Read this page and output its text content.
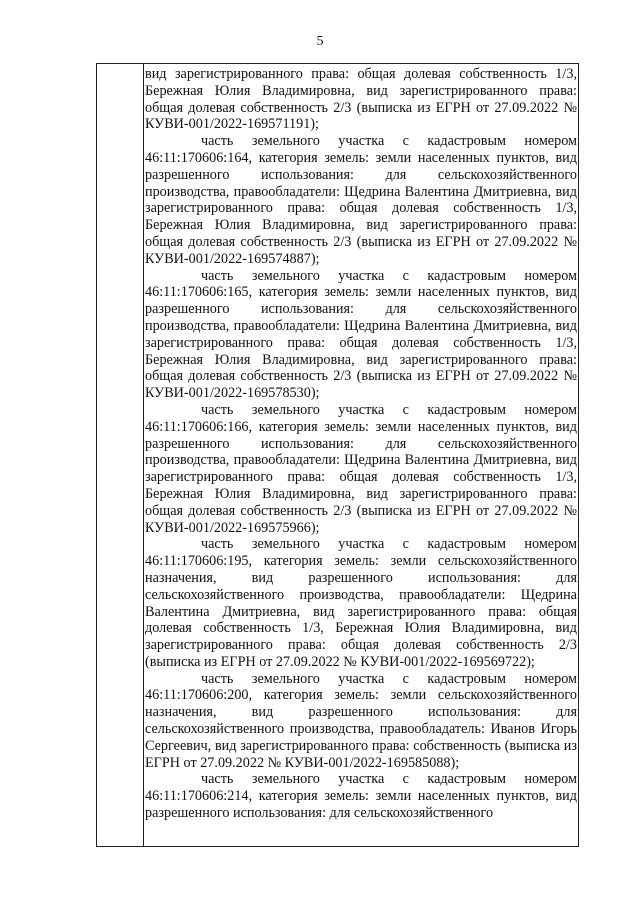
5

вид зарегистрированного права: общая долевая собственность 1/3, Бережная Юлия Владимировна, вид зарегистрированного права: общая долевая собственность 2/3 (выписка из ЕГРН от 27.09.2022 № КУВИ-001/2022-169571191);

часть земельного участка с кадастровым номером 46:11:170606:164, категория земель: земли населенных пунктов, вид разрешенного использования: для сельскохозяйственного производства, правообладатели: Щедрина Валентина Дмитриевна, вид зарегистрированного права: общая долевая собственность 1/3, Бережная Юлия Владимировна, вид зарегистрированного права: общая долевая собственность 2/3 (выписка из ЕГРН от 27.09.2022 № КУВИ-001/2022-169574887);

часть земельного участка с кадастровым номером 46:11:170606:165, категория земель: земли населенных пунктов, вид разрешенного использования: для сельскохозяйственного производства, правообладатели: Щедрина Валентина Дмитриевна, вид зарегистрированного права: общая долевая собственность 1/3, Бережная Юлия Владимировна, вид зарегистрированного права: общая долевая собственность 2/3 (выписка из ЕГРН от 27.09.2022 № КУВИ-001/2022-169578530);

часть земельного участка с кадастровым номером 46:11:170606:166, категория земель: земли населенных пунктов, вид разрешенного использования: для сельскохозяйственного производства, правообладатели: Щедрина Валентина Дмитриевна, вид зарегистрированного права: общая долевая собственность 1/3, Бережная Юлия Владимировна, вид зарегистрированного права: общая долевая собственность 2/3 (выписка из ЕГРН от 27.09.2022 № КУВИ-001/2022-169575966);

часть земельного участка с кадастровым номером 46:11:170606:195, категория земель: земли сельскохозяйственного назначения, вид разрешенного использования: для сельскохозяйственного производства, правообладатели: Щедрина Валентина Дмитриевна, вид зарегистрированного права: общая долевая собственность 1/3, Бережная Юлия Владимировна, вид зарегистрированного права: общая долевая собственность 2/3 (выписка из ЕГРН от 27.09.2022 № КУВИ-001/2022-169569722);

часть земельного участка с кадастровым номером 46:11:170606:200, категория земель: земли сельскохозяйственного назначения, вид разрешенного использования: для сельскохозяйственного производства, правообладатель: Иванов Игорь Сергеевич, вид зарегистрированного права: собственность (выписка из ЕГРН от 27.09.2022 № КУВИ-001/2022-169585088);

часть земельного участка с кадастровым номером 46:11:170606:214, категория земель: земли населенных пунктов, вид разрешенного использования: для сельскохозяйственного
